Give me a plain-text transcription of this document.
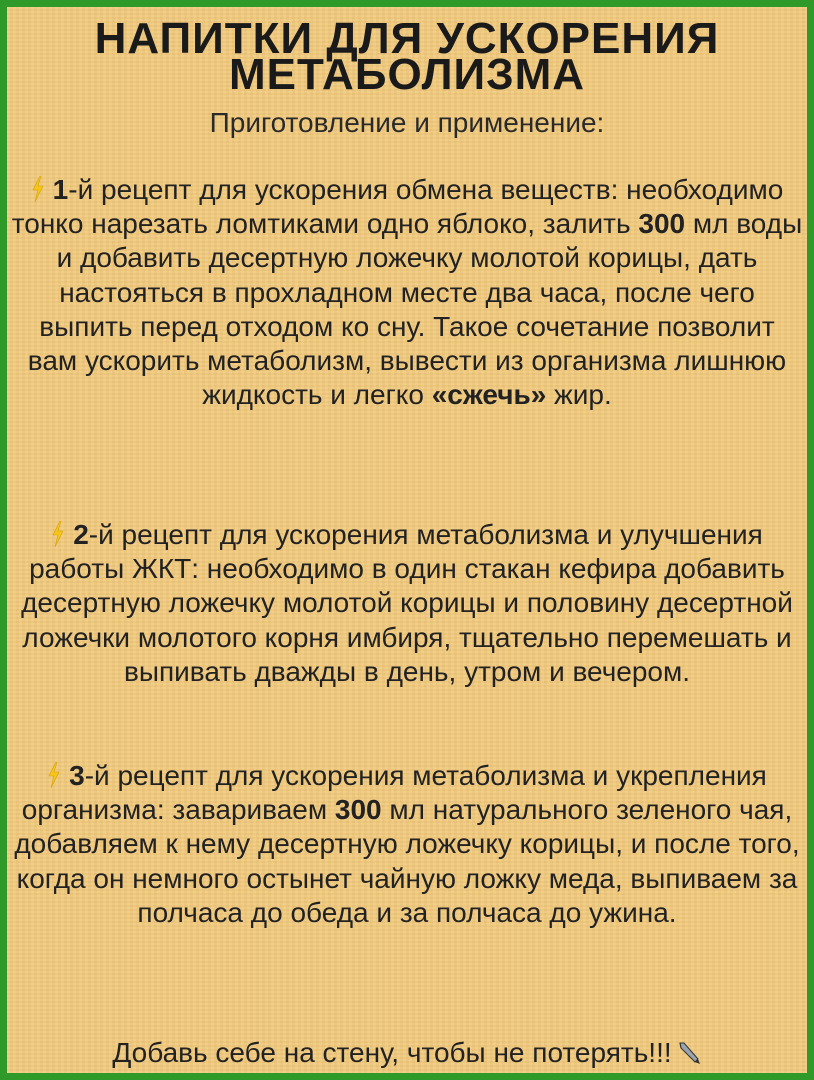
НАПИТКИ ДЛЯ УСКОРЕНИЯ
МЕТАБОЛИЗМА

Приготовление и применение:

1-й рецепт для ускорения обмена веществ: необходимо тонко нарезать ломтиками одно яблоко, залить 300 мл воды и добавить десертную ложечку молотой корицы, дать настояться в прохладном месте два часа, после чего выпить перед отходом ко сну. Такое сочетание позволит вам ускорить метаболизм, вывести из организма лишнюю жидкость и легко «сжечь» жир.

2-й рецепт для ускорения метаболизма и улучшения работы ЖКТ: необходимо в один стакан кефира добавить десертную ложечку молотой корицы и половину десертной ложечки молотого корня имбиря, тщательно перемешать и выпивать дважды в день, утром и вечером.

3-й рецепт для ускорения метаболизма и укрепления организма: завариваем 300 мл натурального зеленого чая, добавляем к нему десертную ложечку корицы, и после того, когда он немного остынет чайную ложку меда, выпиваем за полчаса до обеда и за полчаса до ужина.

Добавь себе на стену, чтобы не потерять!!!
